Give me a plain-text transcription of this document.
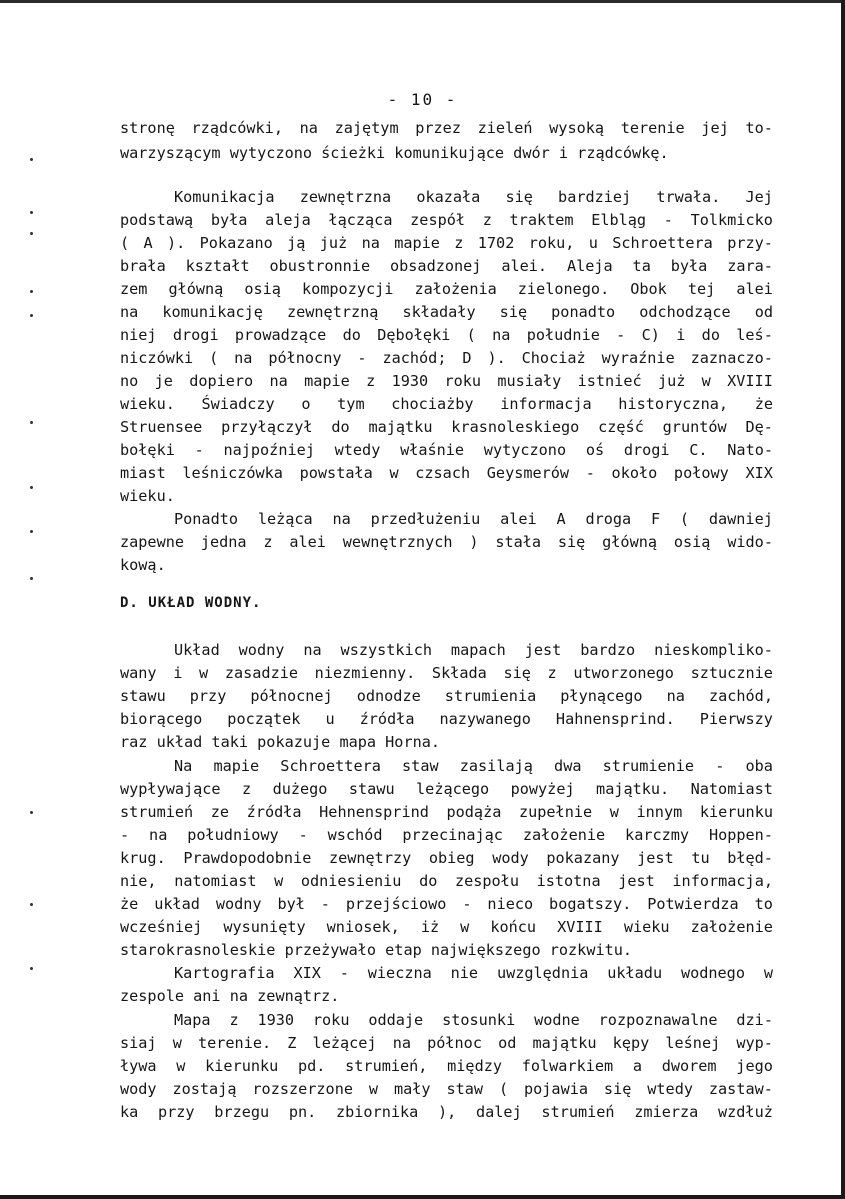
- 10 -
stronę rządcówki, na zajętym przez zieleń wysoką terenie jej to-
warzyszącym wytyczono ścieżki komunikujące dwór i rządcówkę.
Komunikacja zewnętrzna okazała się bardziej trwała. Jej
podstawą była aleja łącząca zespół z traktem Elbląg - Tolkmicko
( A ). Pokazano ją już na mapie z 1702 roku, u Schroettera przy-
brała kształt obustronnie obsadzonej alei. Aleja ta była zara-
zem główną osią kompozycji założenia zielonego. Obok tej alei
na komunikację zewnętrzną składały się ponadto odchodzące od
niej drogi prowadzące do Dębołęki ( na południe - C) i do leś-
niczówki ( na północny - zachód; D ). Chociaż wyraźnie zaznaczo-
no je dopiero na mapie z 1930 roku musiały istnieć już w XVIII
wieku. Świadczy o tym chociażby informacja historyczna, że
Struensee przyłączył do majątku krasnoleskiego część gruntów Dę-
bołęki - najpoźniej wtedy właśnie wytyczono oś drogi C. Nato-
miast leśniczówka powstała w czsach Geysmerów - około połowy XIX
wieku.
Ponadto leżąca na przedłużeniu alei A droga F ( dawniej
zapewne jedna z alei wewnętrznych ) stała się główną osią wido-
kową.
D. UKŁAD WODNY.
Układ wodny na wszystkich mapach jest bardzo nieskomplikо-
wany i w zasadzie niezmienny. Składa się z utworzonego sztucznie
stawu przy północnej odnodze strumienia płynącego na zachód,
biorącego początek u źródła nazywanego Hahnensprind. Pierwszy
raz układ taki pokazuje mapa Horna.
Na mapie Schroettera staw zasilają dwa strumienie - oba
wypływające z dużego stawu leżącego powyżej majątku. Natomiast
strumień ze źródła Hehnensprind podąża zupełnie w innym kierunku
- na południowy - wschód przecinając założenie karczmy Hoppen-
krug. Prawdopodobnie zewnętrzy obieg wody pokazany jest tu błęd-
nie, natomiast w odniesieniu do zespołu istotna jest informacja,
że układ wodny był - przejściowo - nieco bogatszy. Potwierdza to
wcześniej wysunięty wniosek, iż w końcu XVIII wieku założenie
starokrasnoleskie przeżywało etap największego rozkwitu.
Kartografia XIX - wieczna nie uwzględnia układu wodnego w
zespole ani na zewnątrz.
Mapa z 1930 roku oddaje stosunki wodne rozpoznawalne dzi-
siaj w terenie. Z leżącej na północ od majątku kępy leśnej wyp-
ływa w kierunku pd. strumień, między folwarkiem a dworem jego
wody zostają rozszerzone w mały staw ( pojawia się wtedy zastaw-
ka przy brzegu pn. zbiornika ), dalej strumień zmierza wzdłuż
